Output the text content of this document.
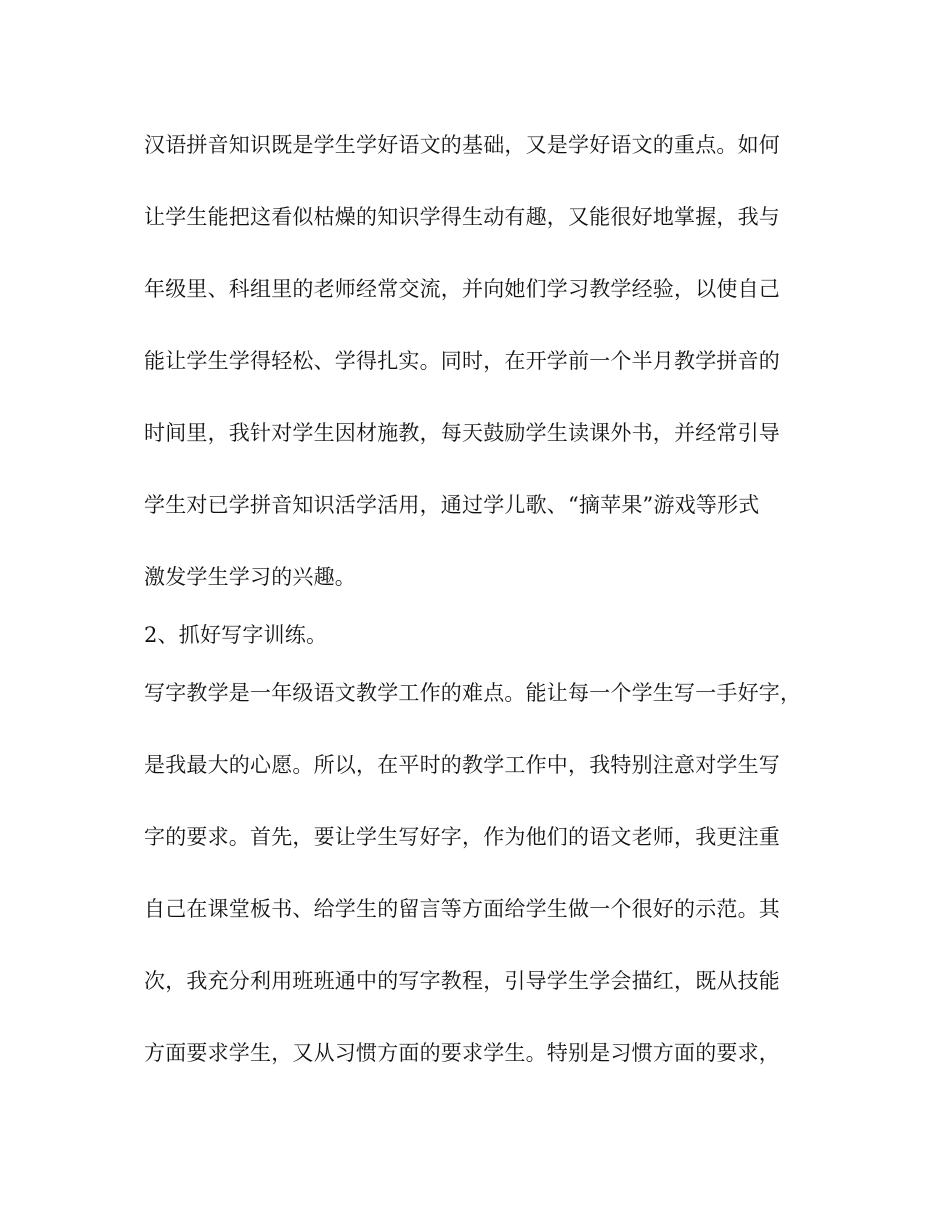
汉语拼音知识既是学生学好语文的基础，又是学好语文的重点。如何
让学生能把这看似枯燥的知识学得生动有趣，又能很好地掌握，我与
年级里、科组里的老师经常交流，并向她们学习教学经验，以使自己
能让学生学得轻松、学得扎实。同时，在开学前一个半月教学拼音的
时间里，我针对学生因材施教，每天鼓励学生读课外书，并经常引导
学生对已学拼音知识活学活用，通过学儿歌、“摘苹果”游戏等形式
激发学生学习的兴趣。
2、抓好写字训练。
写字教学是一年级语文教学工作的难点。能让每一个学生写一手好字，
是我最大的心愿。所以，在平时的教学工作中，我特别注意对学生写
字的要求。首先，要让学生写好字，作为他们的语文老师，我更注重
自己在课堂板书、给学生的留言等方面给学生做一个很好的示范。其
次，我充分利用班班通中的写字教程，引导学生学会描红，既从技能
方面要求学生，又从习惯方面的要求学生。特别是习惯方面的要求，
